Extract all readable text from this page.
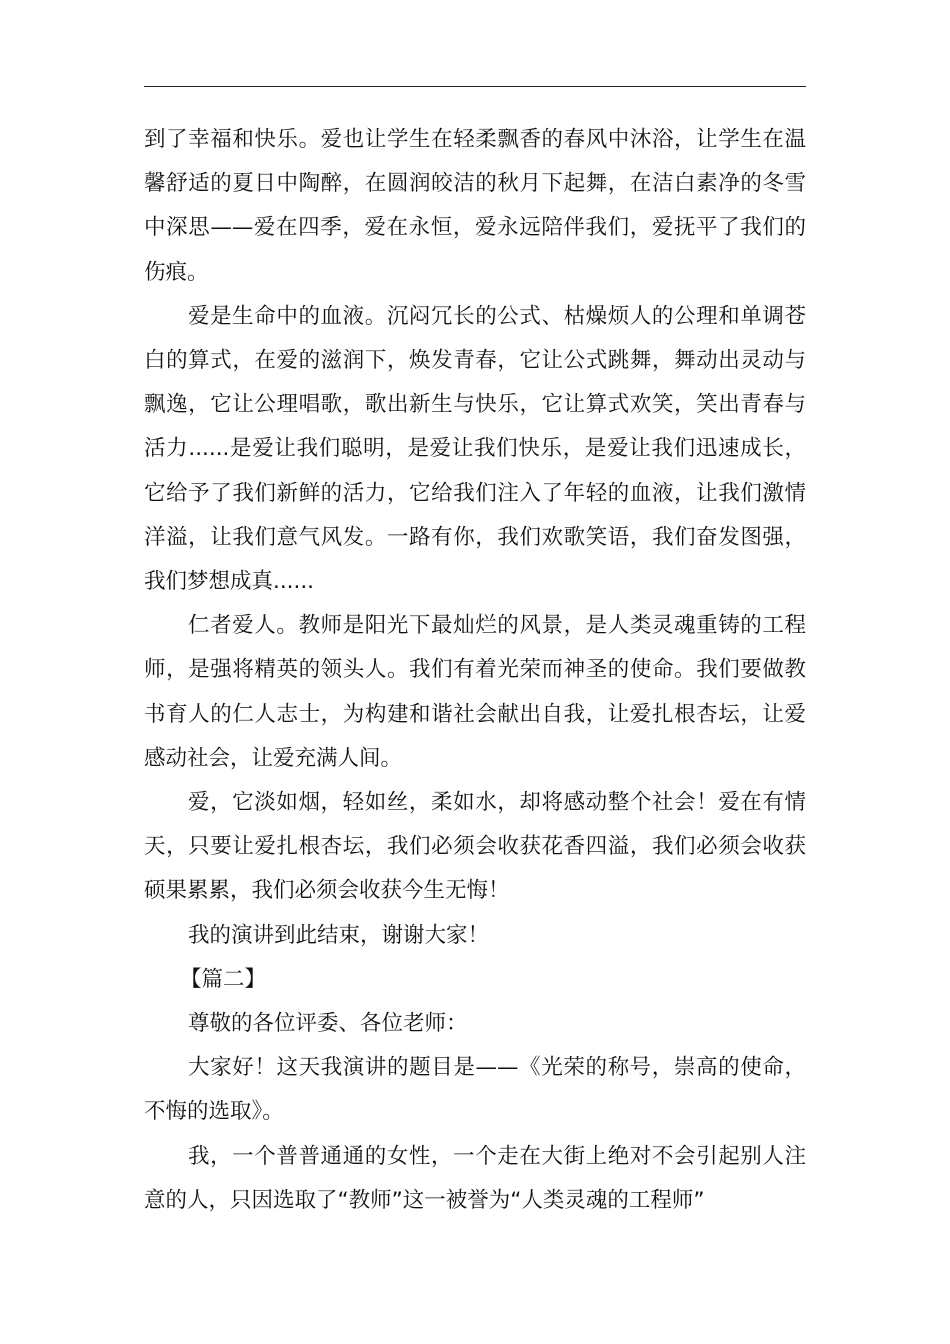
到了幸福和快乐。爱也让学生在轻柔飘香的春风中沐浴，让学生在温馨舒适的夏日中陶醉，在圆润皎洁的秋月下起舞，在洁白素净的冬雪中深思——爱在四季，爱在永恒，爱永远陪伴我们，爱抚平了我们的伤痕。

爱是生命中的血液。沉闷冗长的公式、枯燥烦人的公理和单调苍白的算式，在爱的滋润下，焕发青春，它让公式跳舞，舞动出灵动与飘逸，它让公理唱歌，歌出新生与快乐，它让算式欢笑，笑出青春与活力......是爱让我们聪明，是爱让我们快乐，是爱让我们迅速成长，它给予了我们新鲜的活力，它给我们注入了年轻的血液，让我们激情洋溢，让我们意气风发。一路有你，我们欢歌笑语，我们奋发图强，我们梦想成真......

仁者爱人。教师是阳光下最灿烂的风景，是人类灵魂重铸的工程师，是强将精英的领头人。我们有着光荣而神圣的使命。我们要做教书育人的仁人志士，为构建和谐社会献出自我，让爱扎根杏坛，让爱感动社会，让爱充满人间。

爱，它淡如烟，轻如丝，柔如水，却将感动整个社会！爱在有情天，只要让爱扎根杏坛，我们必须会收获花香四溢，我们必须会收获硕果累累，我们必须会收获今生无悔！

我的演讲到此结束，谢谢大家！

【篇二】

尊敬的各位评委、各位老师：

大家好！这天我演讲的题目是——《光荣的称号，崇高的使命，不悔的选取》。

我，一个普普通通的女性，一个走在大街上绝对不会引起别人注意的人，只因选取了“教师”这一被誉为“人类灵魂的工程师”
